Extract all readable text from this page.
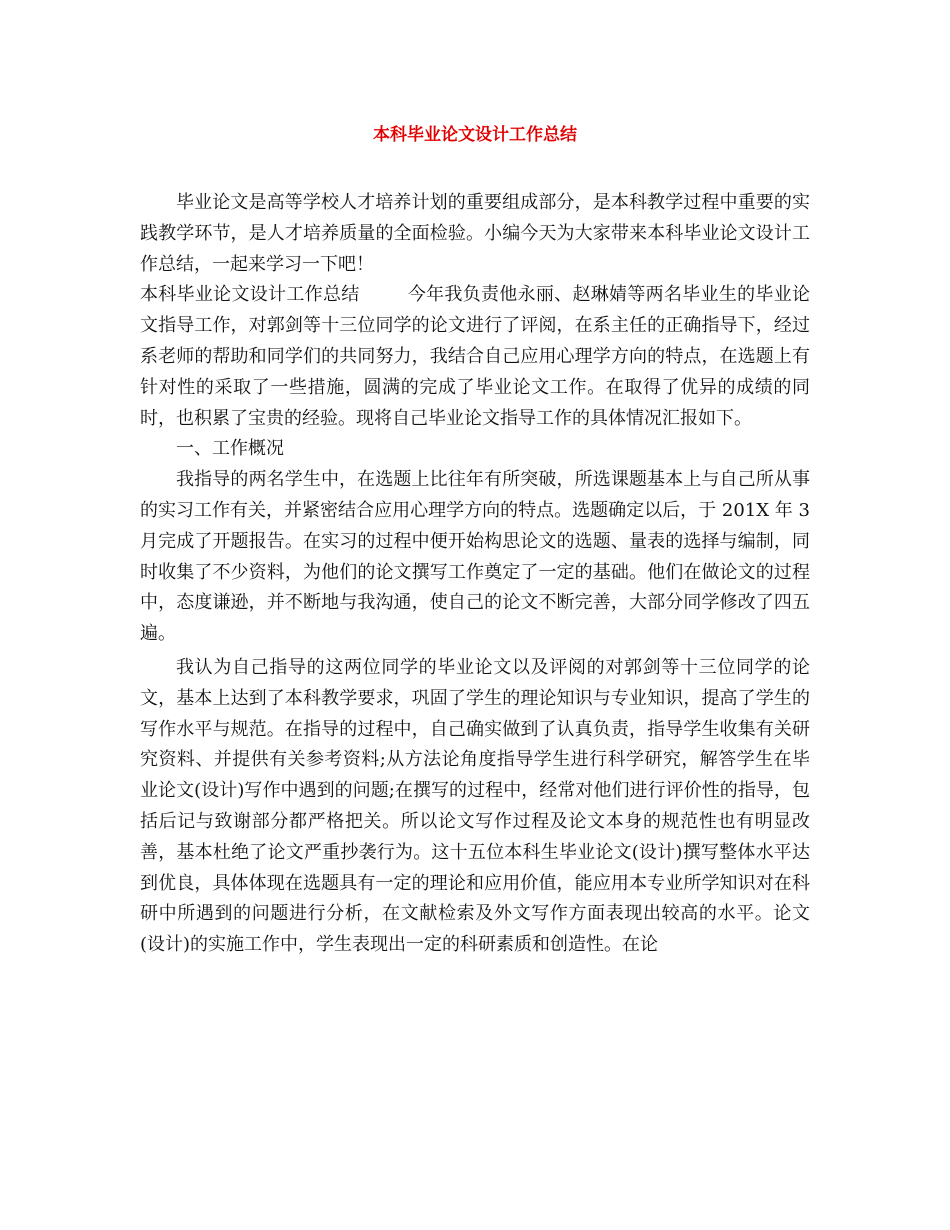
本科毕业论文设计工作总结

毕业论文是高等学校人才培养计划的重要组成部分，是本科教学过程中重要的实践教学环节，是人才培养质量的全面检验。小编今天为大家带来本科毕业论文设计工作总结，一起来学习一下吧！

本科毕业论文设计工作总结	今年我负责他永丽、赵琳婧等两名毕业生的毕业论文指导工作，对郭剑等十三位同学的论文进行了评阅，在系主任的正确指导下，经过系老师的帮助和同学们的共同努力，我结合自己应用心理学方向的特点，在选题上有针对性的采取了一些措施，圆满的完成了毕业论文工作。在取得了优异的成绩的同时，也积累了宝贵的经验。现将自己毕业论文指导工作的具体情况汇报如下。

一、工作概况

我指导的两名学生中，在选题上比往年有所突破，所选课题基本上与自己所从事的实习工作有关，并紧密结合应用心理学方向的特点。选题确定以后，于 201X 年 3 月完成了开题报告。在实习的过程中便开始构思论文的选题、量表的选择与编制，同时收集了不少资料，为他们的论文撰写工作奠定了一定的基础。他们在做论文的过程中，态度谦逊，并不断地与我沟通，使自己的论文不断完善，大部分同学修改了四五遍。

我认为自己指导的这两位同学的毕业论文以及评阅的对郭剑等十三位同学的论文，基本上达到了本科教学要求，巩固了学生的理论知识与专业知识，提高了学生的写作水平与规范。在指导的过程中，自己确实做到了认真负责，指导学生收集有关研究资料、并提供有关参考资料;从方法论角度指导学生进行科学研究，解答学生在毕业论文(设计)写作中遇到的问题;在撰写的过程中，经常对他们进行评价性的指导，包括后记与致谢部分都严格把关。所以论文写作过程及论文本身的规范性也有明显改善，基本杜绝了论文严重抄袭行为。这十五位本科生毕业论文(设计)撰写整体水平达到优良，具体体现在选题具有一定的理论和应用价值，能应用本专业所学知识对在科研中所遇到的问题进行分析，在文献检索及外文写作方面表现出较高的水平。论文(设计)的实施工作中，学生表现出一定的科研素质和创造性。在论
